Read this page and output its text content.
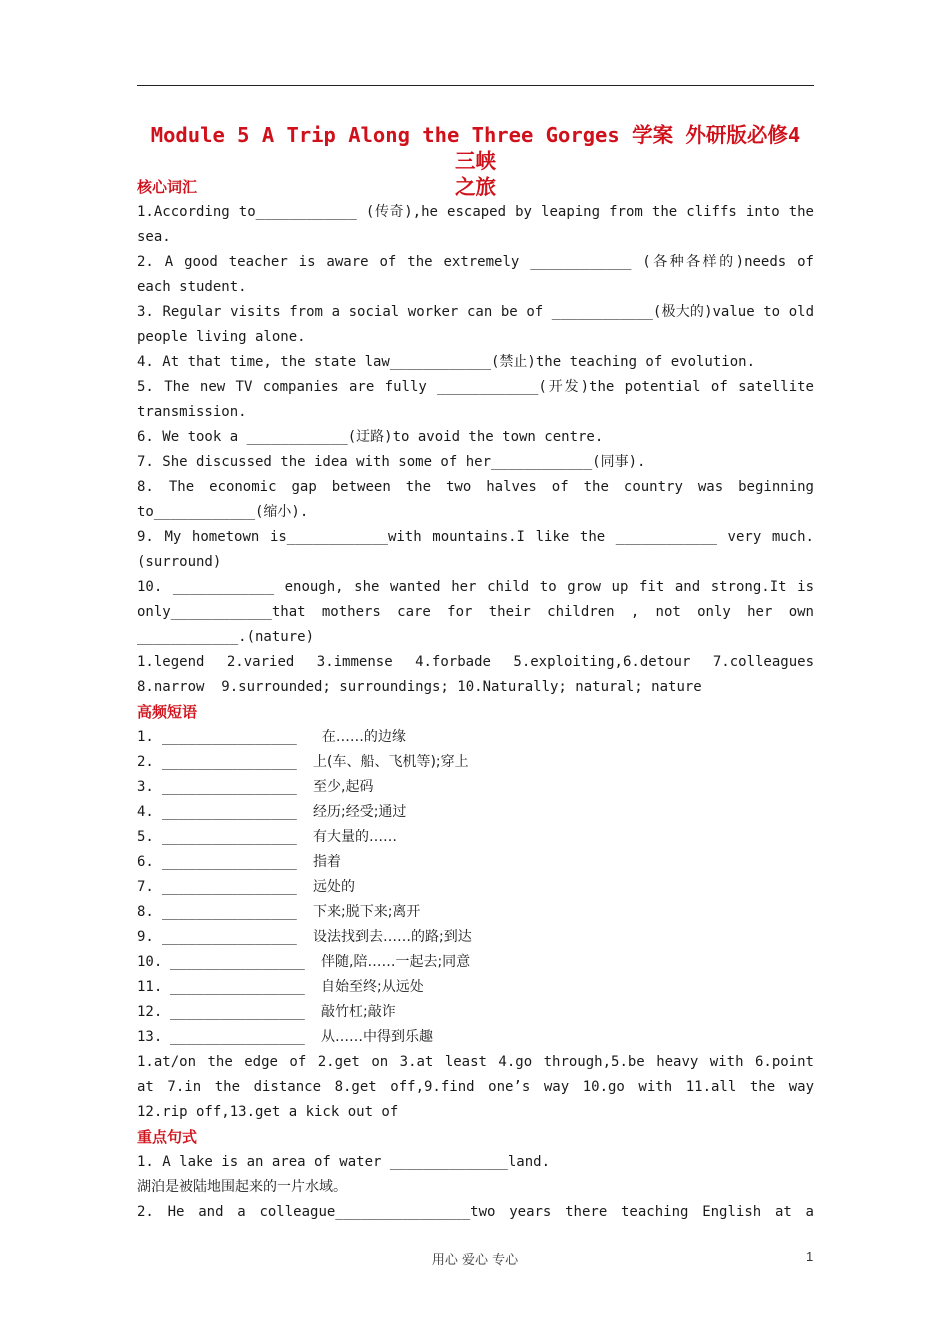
Module 5 A Trip Along the Three Gorges 学案 外研版必修4 三峡
之旅
核心词汇
1.According to____________ (传奇),he escaped by leaping from the cliffs into the
sea.
2. A good teacher is aware of the extremely ____________ (各种各样的)needs of
each student.
3. Regular visits from a social worker can be of ____________(极大的)value to old
people living alone.
4. At that time, the state law____________(禁止)the teaching of evolution.
5. The new TV companies are fully ____________(开发)the potential of satellite
transmission.
6. We took a ____________(迂路)to avoid the town centre.
7. She discussed the idea with some of her____________(同事).
8. The economic gap between the two halves of the country was beginning
to____________(缩小).
9. My hometown is____________with mountains.I like the ____________ very much.
(surround)
10. ____________ enough, she wanted her child to grow up fit and strong.It is
only____________that mothers care for their children , not only her own
____________.(nature)
1.legend 2.varied 3.immense 4.forbade 5.exploiting,6.detour 7.colleagues
8.narrow  9.surrounded; surroundings; 10.Naturally; natural; nature
高频短语
1. ________________	在……的边缘
2. ________________	上(车、船、飞机等);穿上
3. ________________	至少,起码
4. ________________	经历;经受;通过
5. ________________	有大量的……
6. ________________	指着
7. ________________	远处的
8. ________________	下来;脱下来;离开
9. ________________	设法找到去……的路;到达
10. ________________	伴随,陪……一起去;同意
11. ________________	自始至终;从远处
12. ________________	敲竹杠;敲诈
13. ________________	从……中得到乐趣
1.at/on the edge of 2.get on 3.at least 4.go through,5.be heavy with 6.point
at 7.in the distance 8.get off,9.find one’s way 10.go with 11.all the way
12.rip off,13.get a kick out of
重点句式
1. A lake is an area of water ______________land.
湖泊是被陆地围起来的一片水域。
2. He and a colleague________________two years there teaching English at a
用心 爱心 专心	1
